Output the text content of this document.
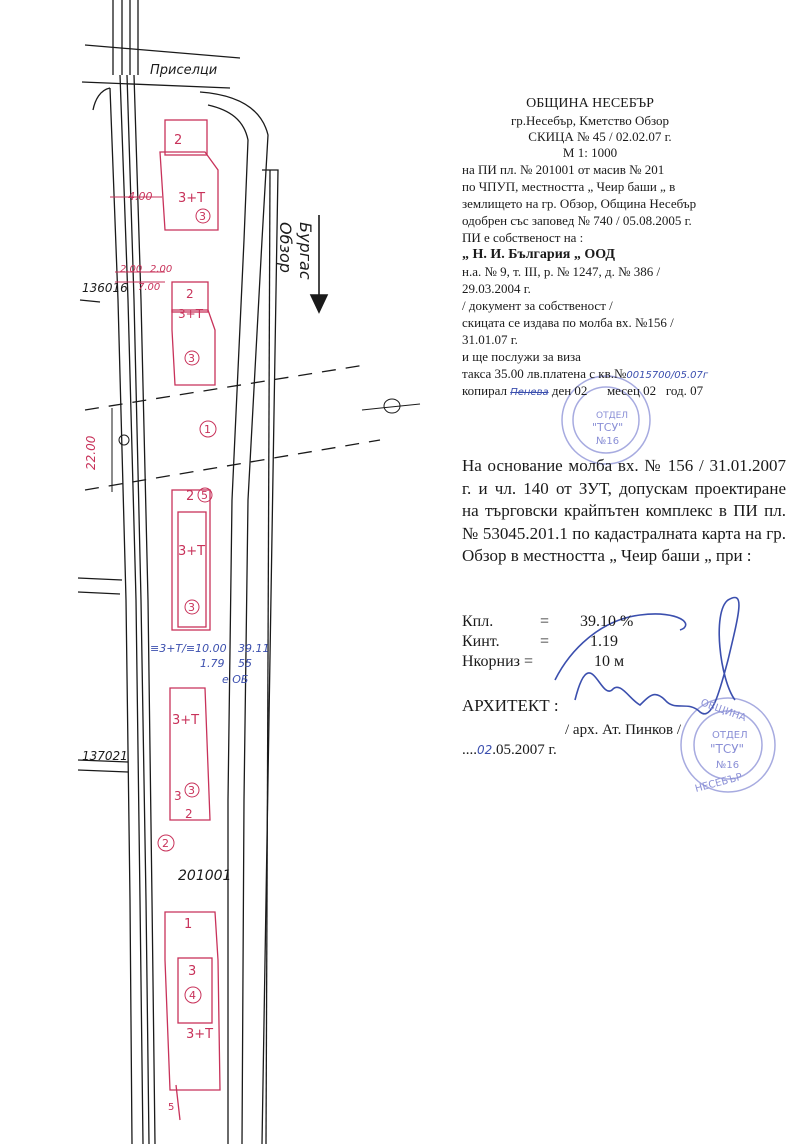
Приселци
Бургас
Обзор
136016
137021
201001
22.00
4.00
2.00 2.00
7.00
≡3+Т/≡10.00 39.11
1.79 55
е ОБ
2
3+Т
3
2
3+Т
3
1
2 5
3+Т
3
3+Т
3
3
2
2
1
3
4
3+Т
5
ОТДЕЛ
"ТСУ"
№16
ОТДЕЛ
"ТСУ"
№16
ОБЩИНА
НЕСЕБЪР
ОБЩИНА НЕСЕБЪР
гр.Несебър, Кметство Обзор
СКИЦА № 45 / 02.02.07 г.
М 1: 1000
на ПИ пл. № 201001 от масив № 201
по ЧПУП, местността „ Чеир баши „ в
землището на гр. Обзор, Община Несебър
одобрен със заповед № 740 / 05.08.2005 г.
ПИ е собственост на :
„ Н. И. България „ ООД
н.а. № 9, т. ІІІ, р. № 1247, д. № 386 /
29.03.2004 г.
/ документ за собственост /
скицата се издава по молба вх. №156 /
31.01.07 г.
и ще послужи за виза
такса 35.00 лв.платена с кв.№0015700/05.07г
копирал Пенева ден 02 месец 02 год. 07
На основание молба вх. № 156 / 31.01.2007 г. и чл. 140 от ЗУТ, допускам проектиране на търговски крайпътен комплекс в ПИ пл. № 53045.201.1 по кадастралната карта на гр. Обзор в местността „ Чеир баши „ при :
Кпл.	= 39.10 %
Кинт.	=	1.19
Нкорниз =	10 м
АРХИТЕКТ :
/ арх. Ат. Пинков /
....02.05.2007 г.
